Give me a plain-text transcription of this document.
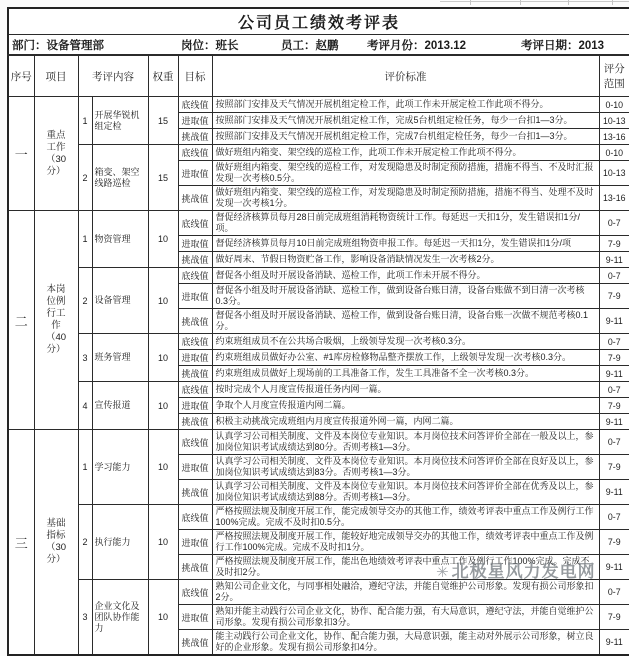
公司员工绩效考评表							

部门：设备管理部 岗位：班长 员工：赵鹏 考评月份：2013.12 考评日期：2013							

序号	项目	考评内容		权重	目标	评价标准	评分范围
一	重点工作（30分）	1	开展华锐机组定检	15	底线值	按照部门安排及天气情况开展机组定检工作，此项工作未开展定检工作此项不得分。	0-10
					进取值	按照部门安排及天气情况开展机组定检工作，完成5台机组定检任务，每少一台扣1—3分。	10-13
					挑战值	按照部门安排及天气情况开展机组定检工作，完成7台机组定检任务，每少一台扣1—3分。	13-16
		2	箱变、架空线路巡检	15	底线值	做好班组内箱变、架空线的巡检工作，此项工作未开展定检工作此项不得分。	0-10
					进取值	做好班组内箱变、架空线的巡检工作，对发现隐患及时制定预防措施，措施不得当、不及时汇报发现一次考核0.5分。	10-13
					挑战值	做好班组内箱变、架空线的巡检工作，对发现隐患及时制定预防措施，措施不得当、处理不及时发现一次考核1分。	13-16
二	本岗位例行工作（40分）	1	物资管理	10	底线值	督促经济核算员每月28日前完成班组消耗物资统计工作。每延迟一天扣1分，发生错误扣1分/项。	0-7
					进取值	督促经济核算员每月10日前完成班组物资申报工作。每延迟一天扣1分，发生错误扣1分/项	7-9
					挑战值	做好周末、节假日物资贮备工作，影响设备消缺情况发生一次考核2分。	9-11
		2	设备管理	10	底线值	督促各小组及时开展设备消缺、巡检工作，此项工作未开展不得分。	0-7
					进取值	督促各小组及时开展设备消缺、巡检工作，做到设备台账日清，设备台账做不到日清一次考核0.3分。	7-9
					挑战值	督促各小组及时开展设备消缺、巡检工作，做到设备台账日清，设备台账一次做不规范考核0.1分。	9-11
		3	班务管理	10	底线值	约束班组成员不在公共场合吸烟，上级领导发现一次考核0.3分。	0-7
					进取值	约束班组成员做好办公室、#1库房检修物品整齐摆放工作，上级领导发现一次考核0.3分。	7-9
					挑战值	约束班组成员做好上现场前的工具准备工作，发生工具准备不全一次考核0.3分。	9-11
		4	宣传报道	10	底线值	按时完成个人月度宣传报道任务内网一篇。	0-7
					进取值	争取个人月度宣传报道内网二篇。	7-9
					挑战值	积极主动挑战完成班组内月度宣传报道外网一篇，内网二篇。	9-11
三	基础指标（30分）	1	学习能力	10	底线值	认真学习公司相关制度、文件及本岗位专业知识。本月岗位技术问答评价全部在一般及以上，参加岗位知识考试成绩达到80分。否则考核1—3分。	0-7
					进取值	认真学习公司相关制度、文件及本岗位专业知识。本月岗位技术问答评价全部在良好及以上，参加岗位知识考试成绩达到83分。否则考核1—3分。	7-9
					挑战值	认真学习公司相关制度、文件及本岗位专业知识。本月岗位技术问答评价全部在优秀及以上，参加岗位知识考试成绩达到88分。否则考核1—3分。	9-11
		2	执行能力	10	底线值	严格按照法规及制度开展工作，能完成领导交办的其他工作，绩效考评表中重点工作及例行工作100%完成。完成不及时扣0.5分。	0-7
					进取值	严格按照法规及制度开展工作，能较好地完成领导交办的其他工作，绩效考评表中重点工作及例行工作100%完成。完成不及时扣1分。	7-9
					挑战值	严格按照法规及制度开展工作，能出色地绩效考评表中重点工作及例行工作100%完成。完成不及时扣2分。	9-11
		3	企业文化及团队协作能力	10	底线值	熟知公司企业文化，与同事相处融洽，遵纪守法，并能自觉维护公司形象。发现有损公司形象扣2分。	0-7
					进取值	熟知并能主动践行公司企业文化，协作、配合能力强，有大局意识，遵纪守法，并能自觉维护公司形象。发现有损公司形象扣3分。	7-9
					挑战值	能主动践行公司企业文化，协作、配合能力强，大局意识强，能主动对外展示公司形象，树立良好的企业形象。发现有损公司形象扣4分。	9-11
✳ 北极星风力发电网
